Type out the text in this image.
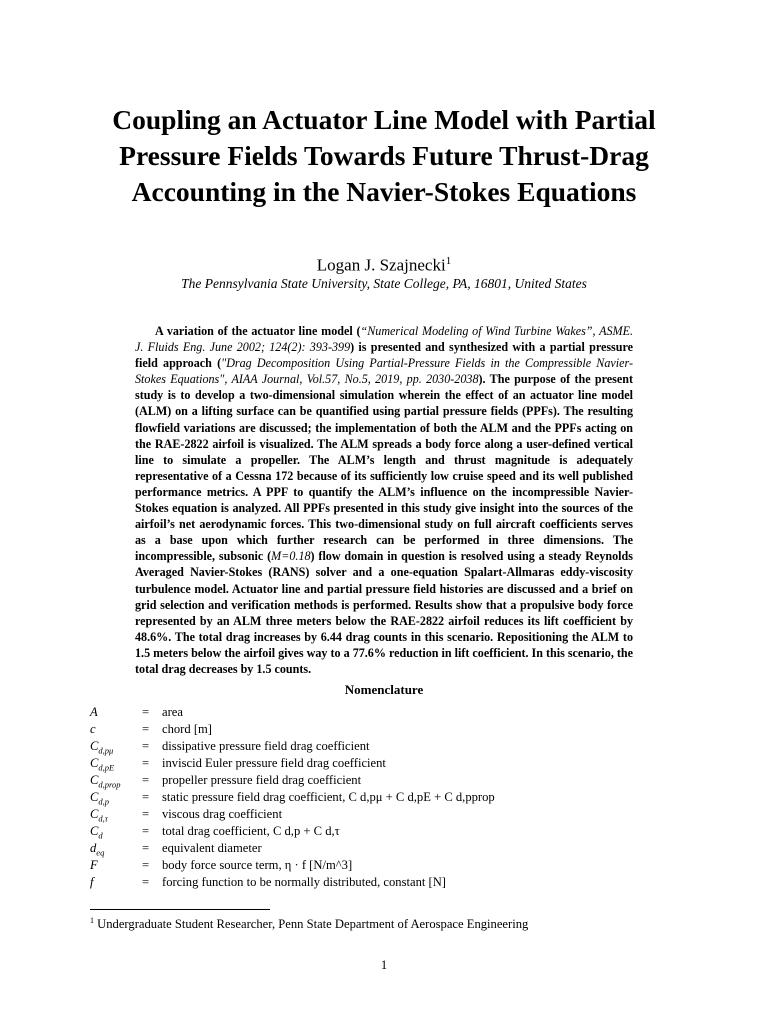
Coupling an Actuator Line Model with Partial Pressure Fields Towards Future Thrust-Drag Accounting in the Navier-Stokes Equations
Logan J. Szajnecki$^1$
The Pennsylvania State University, State College, PA, 16801, United States

A variation of the actuator line model (“Numerical Modeling of Wind Turbine Wakes”, ASME. J. Fluids Eng. June 2002; 124(2): 393-399) is presented and synthesized with a partial pressure field approach ("Drag Decomposition Using Partial-Pressure Fields in the Compressible Navier-Stokes Equations", AIAA Journal, Vol.57, No.5, 2019, pp. 2030-2038). The purpose of the present study is to develop a two-dimensional simulation wherein the effect of an actuator line model (ALM) on a lifting surface can be quantified using partial pressure fields (PPFs). The resulting flowfield variations are discussed; the implementation of both the ALM and the PPFs acting on the RAE-2822 airfoil is visualized. The ALM spreads a body force along a user-defined vertical line to simulate a propeller. The ALM’s length and thrust magnitude is adequately representative of a Cessna 172 because of its sufficiently low cruise speed and its well published performance metrics. A PPF to quantify the ALM’s influence on the incompressible Navier-Stokes equation is analyzed. All PPFs presented in this study give insight into the sources of the airfoil’s net aerodynamic forces. This two-dimensional study on full aircraft coefficients serves as a base upon which further research can be performed in three dimensions. The incompressible, subsonic (M=0.18) flow domain in question is resolved using a steady Reynolds Averaged Navier-Stokes (RANS) solver and a one-equation Spalart-Allmaras eddy-viscosity turbulence model. Actuator line and partial pressure field histories are discussed and a brief on grid selection and verification methods is performed. Results show that a propulsive body force represented by an ALM three meters below the RAE-2822 airfoil reduces its lift coefficient by 48.6%. The total drag increases by 6.44 drag counts in this scenario. Repositioning the ALM to 1.5 meters below the airfoil gives way to a 77.6% reduction in lift coefficient. In this scenario, the total drag decreases by 1.5 counts.

Nomenclature
A	=	area
c	=	chord [m]
$C_{d,p\mu}$	=	dissipative pressure field drag coefficient
$C_{d,pE}$	=	inviscid Euler pressure field drag coefficient
$C_{d,prop}$	=	propeller pressure field drag coefficient
$C_{d,p}$	=	static pressure field drag coefficient, C d,pμ + C d,pE + C d,pprop
$C_{d,\tau}$	=	viscous drag coefficient
$C_d$	=	total drag coefficient, C d,p + C d,τ
$d_{eq}$	=	equivalent diameter
F⃗	=	body force source term, η · f [N/m^3]
f	=	forcing function to be normally distributed, constant [N]
$^1$ Undergraduate Student Researcher, Penn State Department of Aerospace Engineering
1
